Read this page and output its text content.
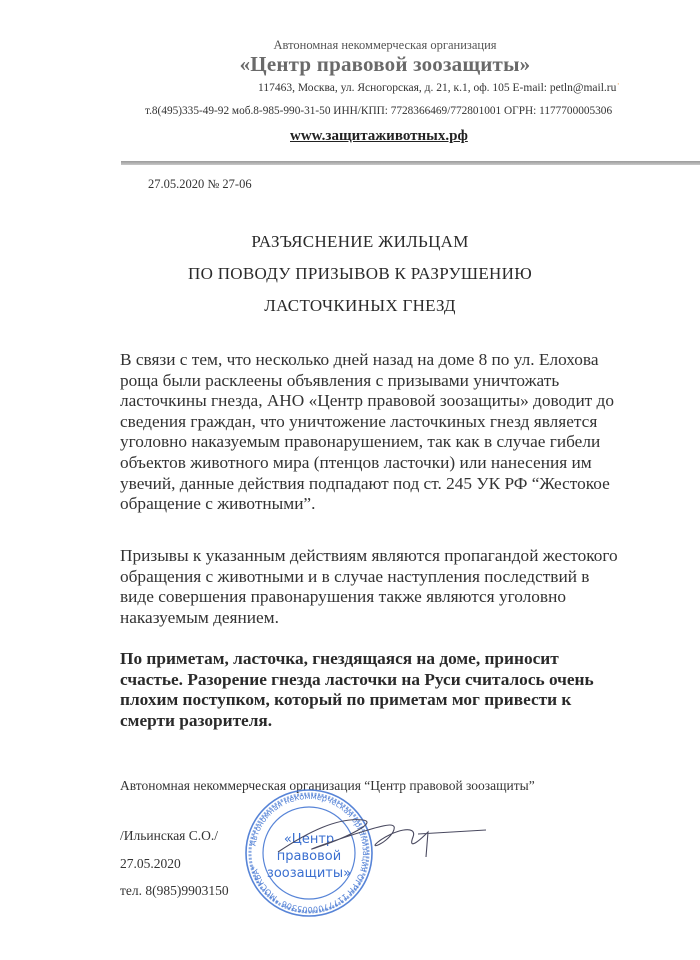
Автономная некоммерческая организация
«Центр правовой зоозащиты»
117463, Москва, ул. Ясногорская, д. 21, к.1, оф. 105 E-mail: petln@mail.ru˙
т.8(495)335-49-92 моб.8-985-990-31-50 ИНН/КПП: 7728366469/772801001 ОГРН: 1177700005306
www.защитаживотных.рф
27.05.2020 № 27-06
РАЗЪЯСНЕНИЕ ЖИЛЬЦАМ
ПО ПОВОДУ ПРИЗЫВОВ К РАЗРУШЕНИЮ
ЛАСТОЧКИНЫХ ГНЕЗД
В связи с тем, что несколько дней назад на доме 8 по ул. Елохова
роща были расклеены объявления с призывами уничтожать
ласточкины гнезда, АНО «Центр правовой зоозащиты» доводит до
сведения граждан, что уничтожение ласточкиных гнезд является
уголовно наказуемым правонарушением, так как в случае гибели
объектов животного мира (птенцов ласточки) или нанесения им
увечий, данные действия подпадают под ст. 245 УК РФ “Жестокое
обращение с животными”.
Призывы к указанным действиям являются пропагандой жестокого
обращения с животными и в случае наступления последствий в
виде совершения правонарушения также являются уголовно
наказуемым деянием.
По приметам, ласточка, гнездящаяся на доме, приносит
счастье. Разорение гнезда ласточки на Руси считалось очень
плохим поступком, который по приметам мог привести к
смерти разорителя.
Автономная некоммерческая организация “Центр правовой зоозащиты”
/Ильинская С.О./
27.05.2020
тел. 8(985)9903150
Автономная некоммерческая организация ОГРН 1177700005306 *МОСКВА*
«Центр
правовой
зоозащиты»
